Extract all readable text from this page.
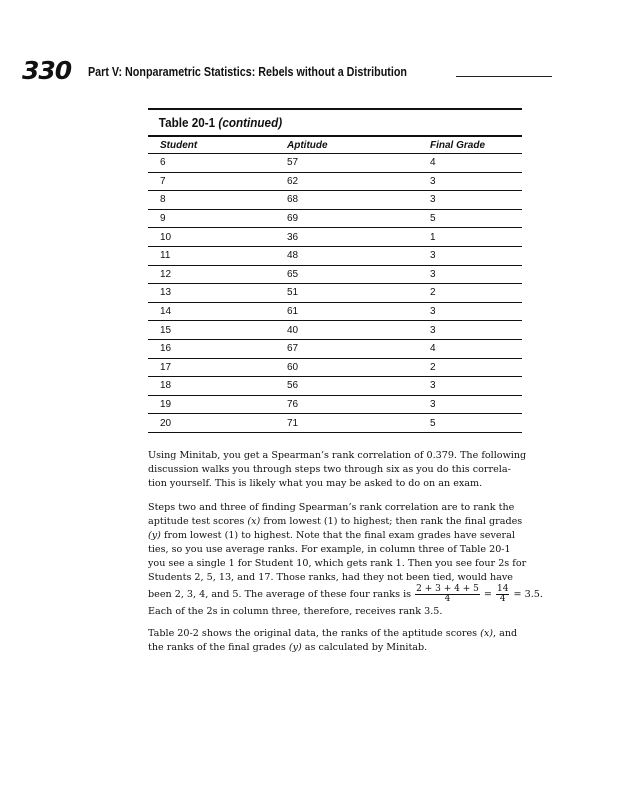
330 Part V: Nonparametric Statistics: Rebels without a Distribution
Table 20-1 (continued)
Student	Aptitude	Final Grade
6	57	4
7	62	3
8	68	3
9	69	5
10	36	1
11	48	3
12	65	3
13	51	2
14	61	3
15	40	3
16	67	4
17	60	2
18	56	3
19	76	3
20	71	5
Using Minitab, you get a Spearman’s rank correlation of 0.379. The following
discussion walks you through steps two through six as you do this correla-
tion yourself. This is likely what you may be asked to do on an exam.
Steps two and three of finding Spearman’s rank correlation are to rank the
aptitude test scores (x) from lowest (1) to highest; then rank the final grades
(y) from lowest (1) to highest. Note that the final exam grades have several
ties, so you use average ranks. For example, in column three of Table 20-1
you see a single 1 for Student 10, which gets rank 1. Then you see four 2s for
Students 2, 5, 13, and 17. Those ranks, had they not been tied, would have
been 2, 3, 4, and 5. The average of these four ranks is $\frac{2 + 3 + 4 + 5}{4} = \frac{14}{4} = 3.5$.
Each of the 2s in column three, therefore, receives rank 3.5.
Table 20-2 shows the original data, the ranks of the aptitude scores (x), and
the ranks of the final grades (y) as calculated by Minitab.
